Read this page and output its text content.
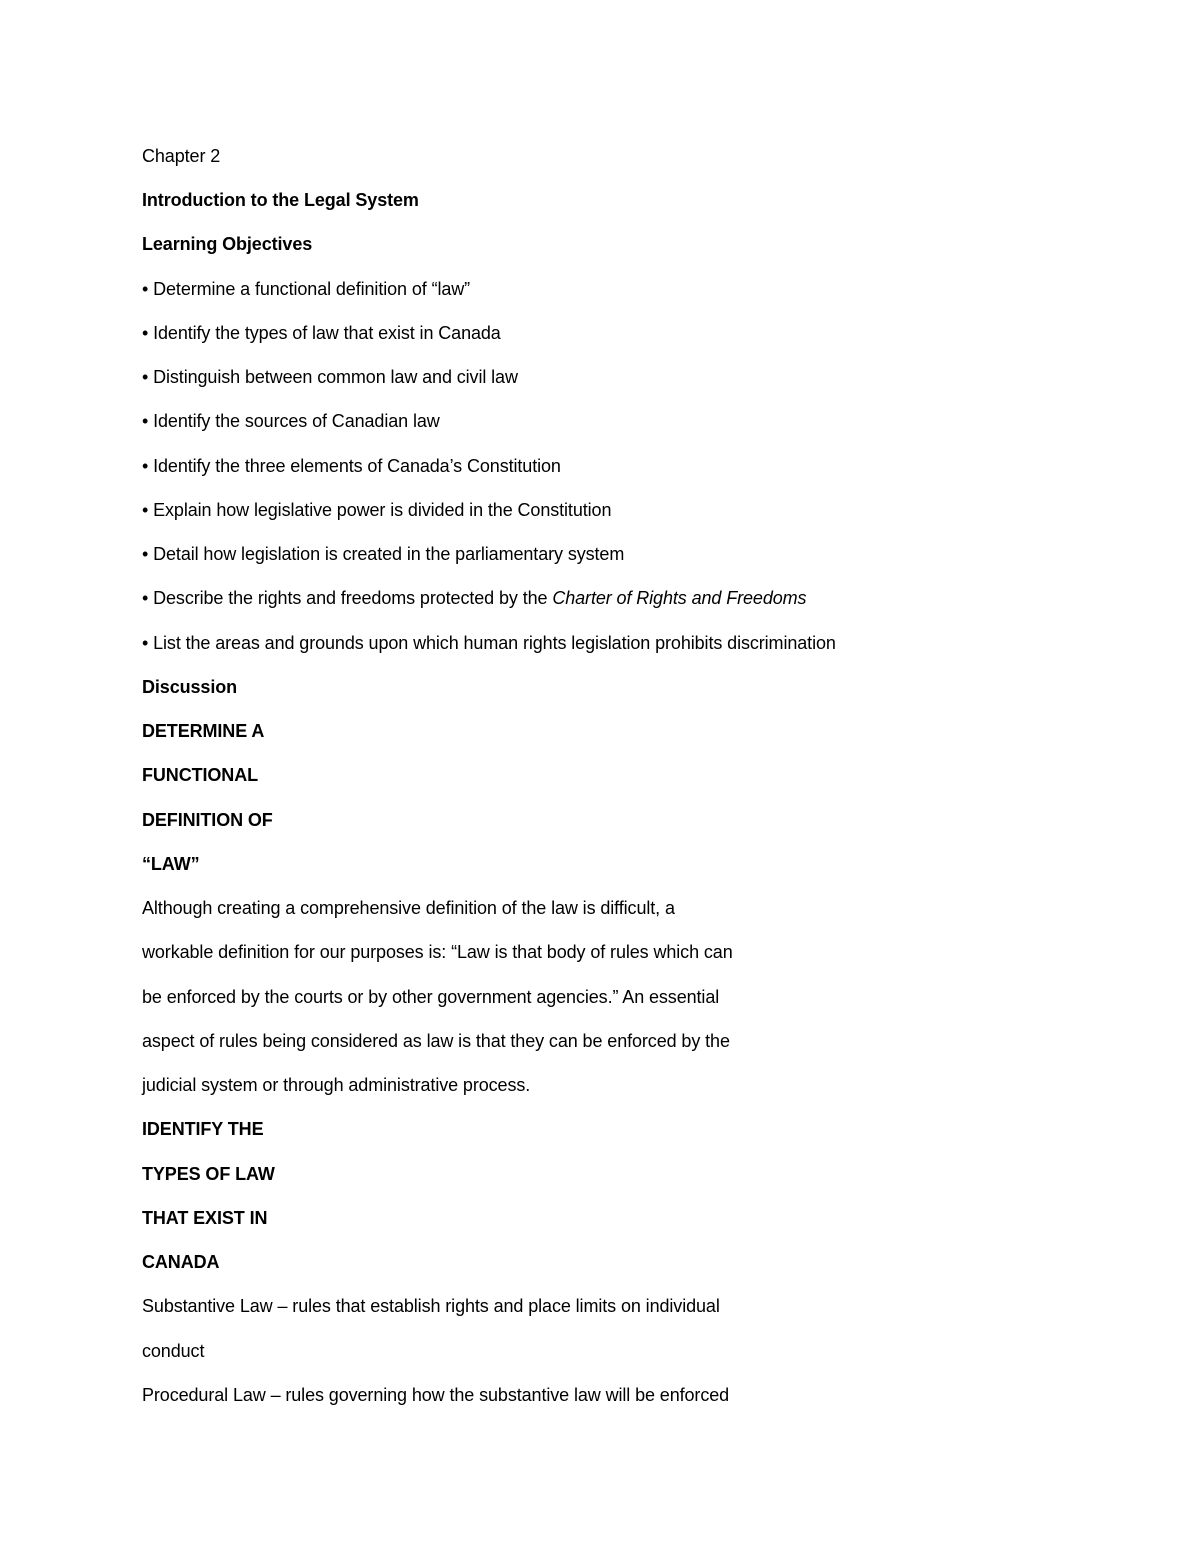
Chapter 2
Introduction to the Legal System
Learning Objectives
• Determine a functional definition of “law”
• Identify the types of law that exist in Canada
• Distinguish between common law and civil law
• Identify the sources of Canadian law
• Identify the three elements of Canada’s Constitution
• Explain how legislative power is divided in the Constitution
• Detail how legislation is created in the parliamentary system
• Describe the rights and freedoms protected by the Charter of Rights and Freedoms
• List the areas and grounds upon which human rights legislation prohibits discrimination
Discussion
DETERMINE A
FUNCTIONAL
DEFINITION OF
“LAW”
Although creating a comprehensive definition of the law is difficult, a
workable definition for our purposes is: “Law is that body of rules which can
be enforced by the courts or by other government agencies.” An essential
aspect of rules being considered as law is that they can be enforced by the
judicial system or through administrative process.
IDENTIFY THE
TYPES OF LAW
THAT EXIST IN
CANADA
Substantive Law – rules that establish rights and place limits on individual
conduct
Procedural Law – rules governing how the substantive law will be enforced
